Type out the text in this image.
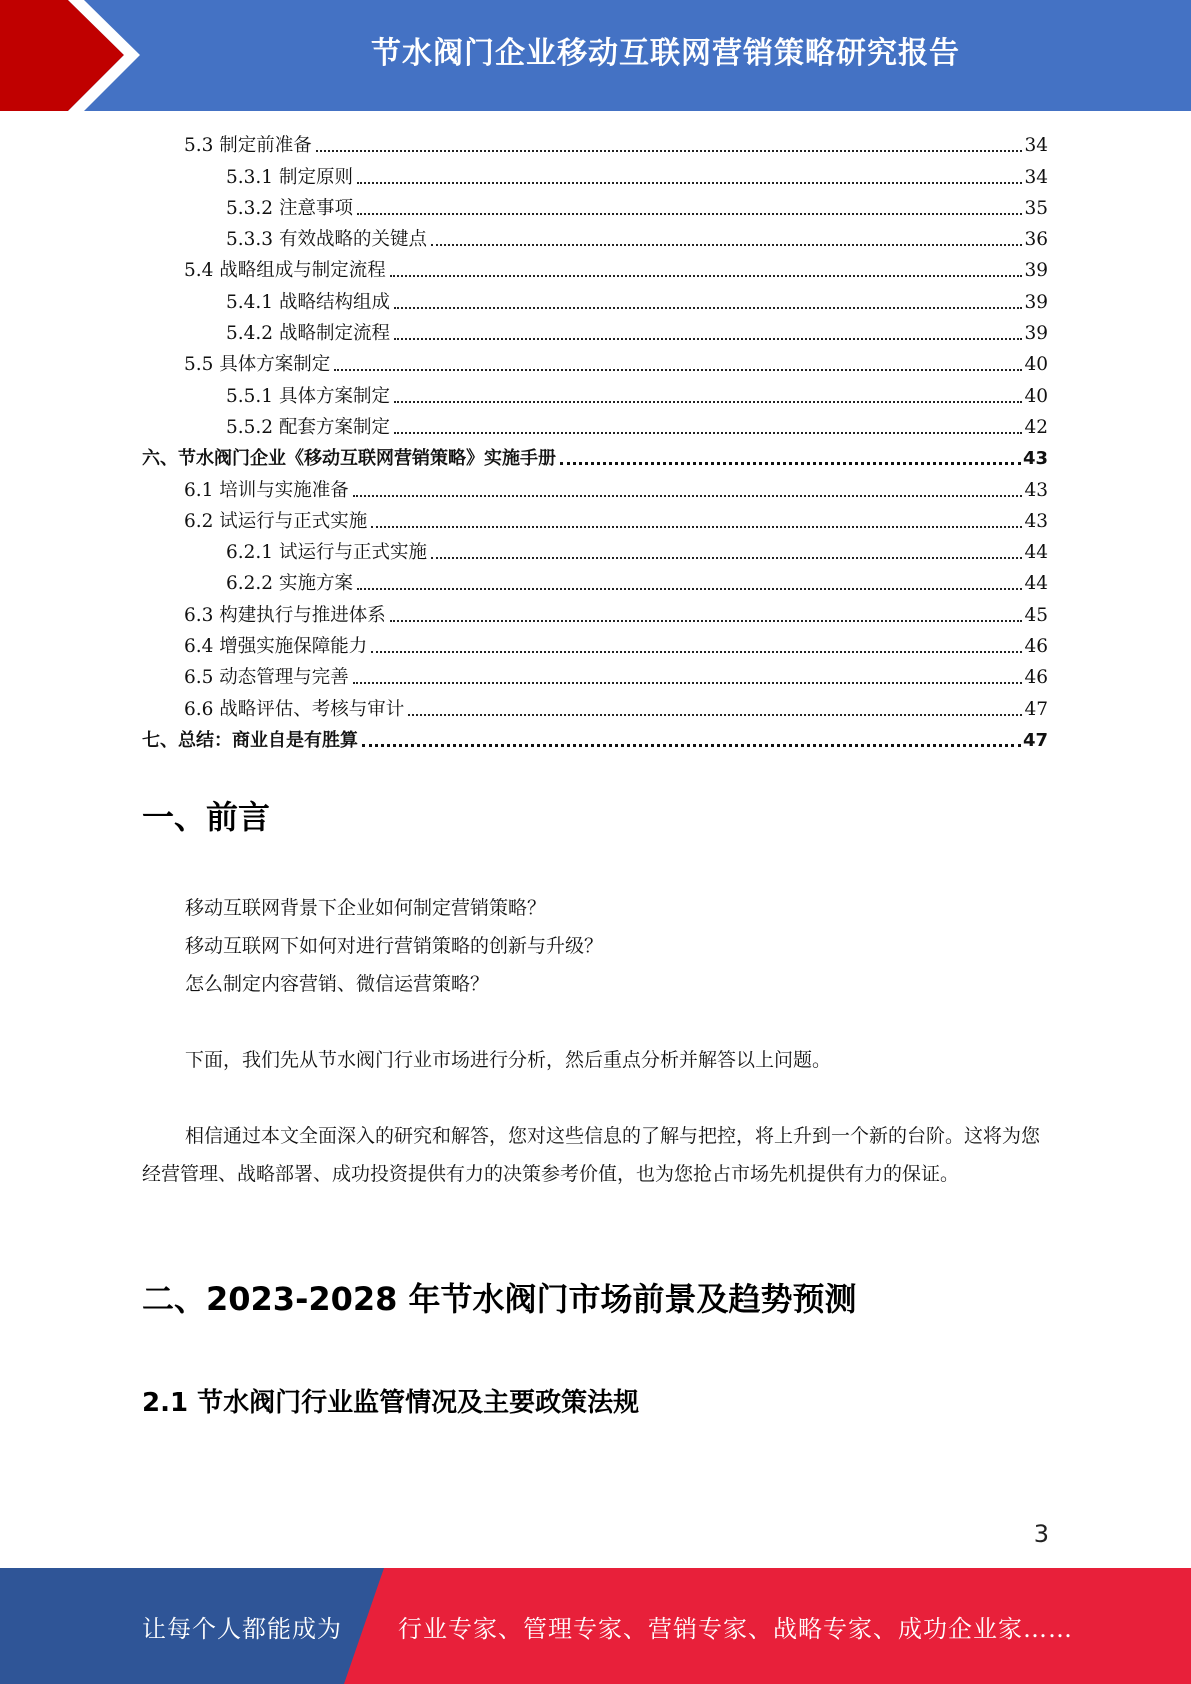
节水阀门企业移动互联网营销策略研究报告
5.3 制定前准备	34
5.3.1 制定原则	34
5.3.2 注意事项	35
5.3.3 有效战略的关键点	36
5.4 战略组成与制定流程	39
5.4.1 战略结构组成	39
5.4.2 战略制定流程	39
5.5 具体方案制定	40
5.5.1 具体方案制定	40
5.5.2 配套方案制定	42
六、节水阀门企业《移动互联网营销策略》实施手册	43
6.1 培训与实施准备	43
6.2 试运行与正式实施	43
6.2.1 试运行与正式实施	44
6.2.2 实施方案	44
6.3 构建执行与推进体系	45
6.4 增强实施保障能力	46
6.5 动态管理与完善	46
6.6 战略评估、考核与审计	47
七、总结：商业自是有胜算	47
一、前言

移动互联网背景下企业如何制定营销策略？

移动互联网下如何对进行营销策略的创新与升级？

怎么制定内容营销、微信运营策略？

下面，我们先从节水阀门行业市场进行分析，然后重点分析并解答以上问题。

相信通过本文全面深入的研究和解答，您对这些信息的了解与把控，将上升到一个新的台阶。这将为您经营管理、战略部署、成功投资提供有力的决策参考价值，也为您抢占市场先机提供有力的保证。

二、2023-2028 年节水阀门市场前景及趋势预测
2.1 节水阀门行业监管情况及主要政策法规
3
让每个人都能成为 行业专家、管理专家、营销专家、战略专家、成功企业家……
